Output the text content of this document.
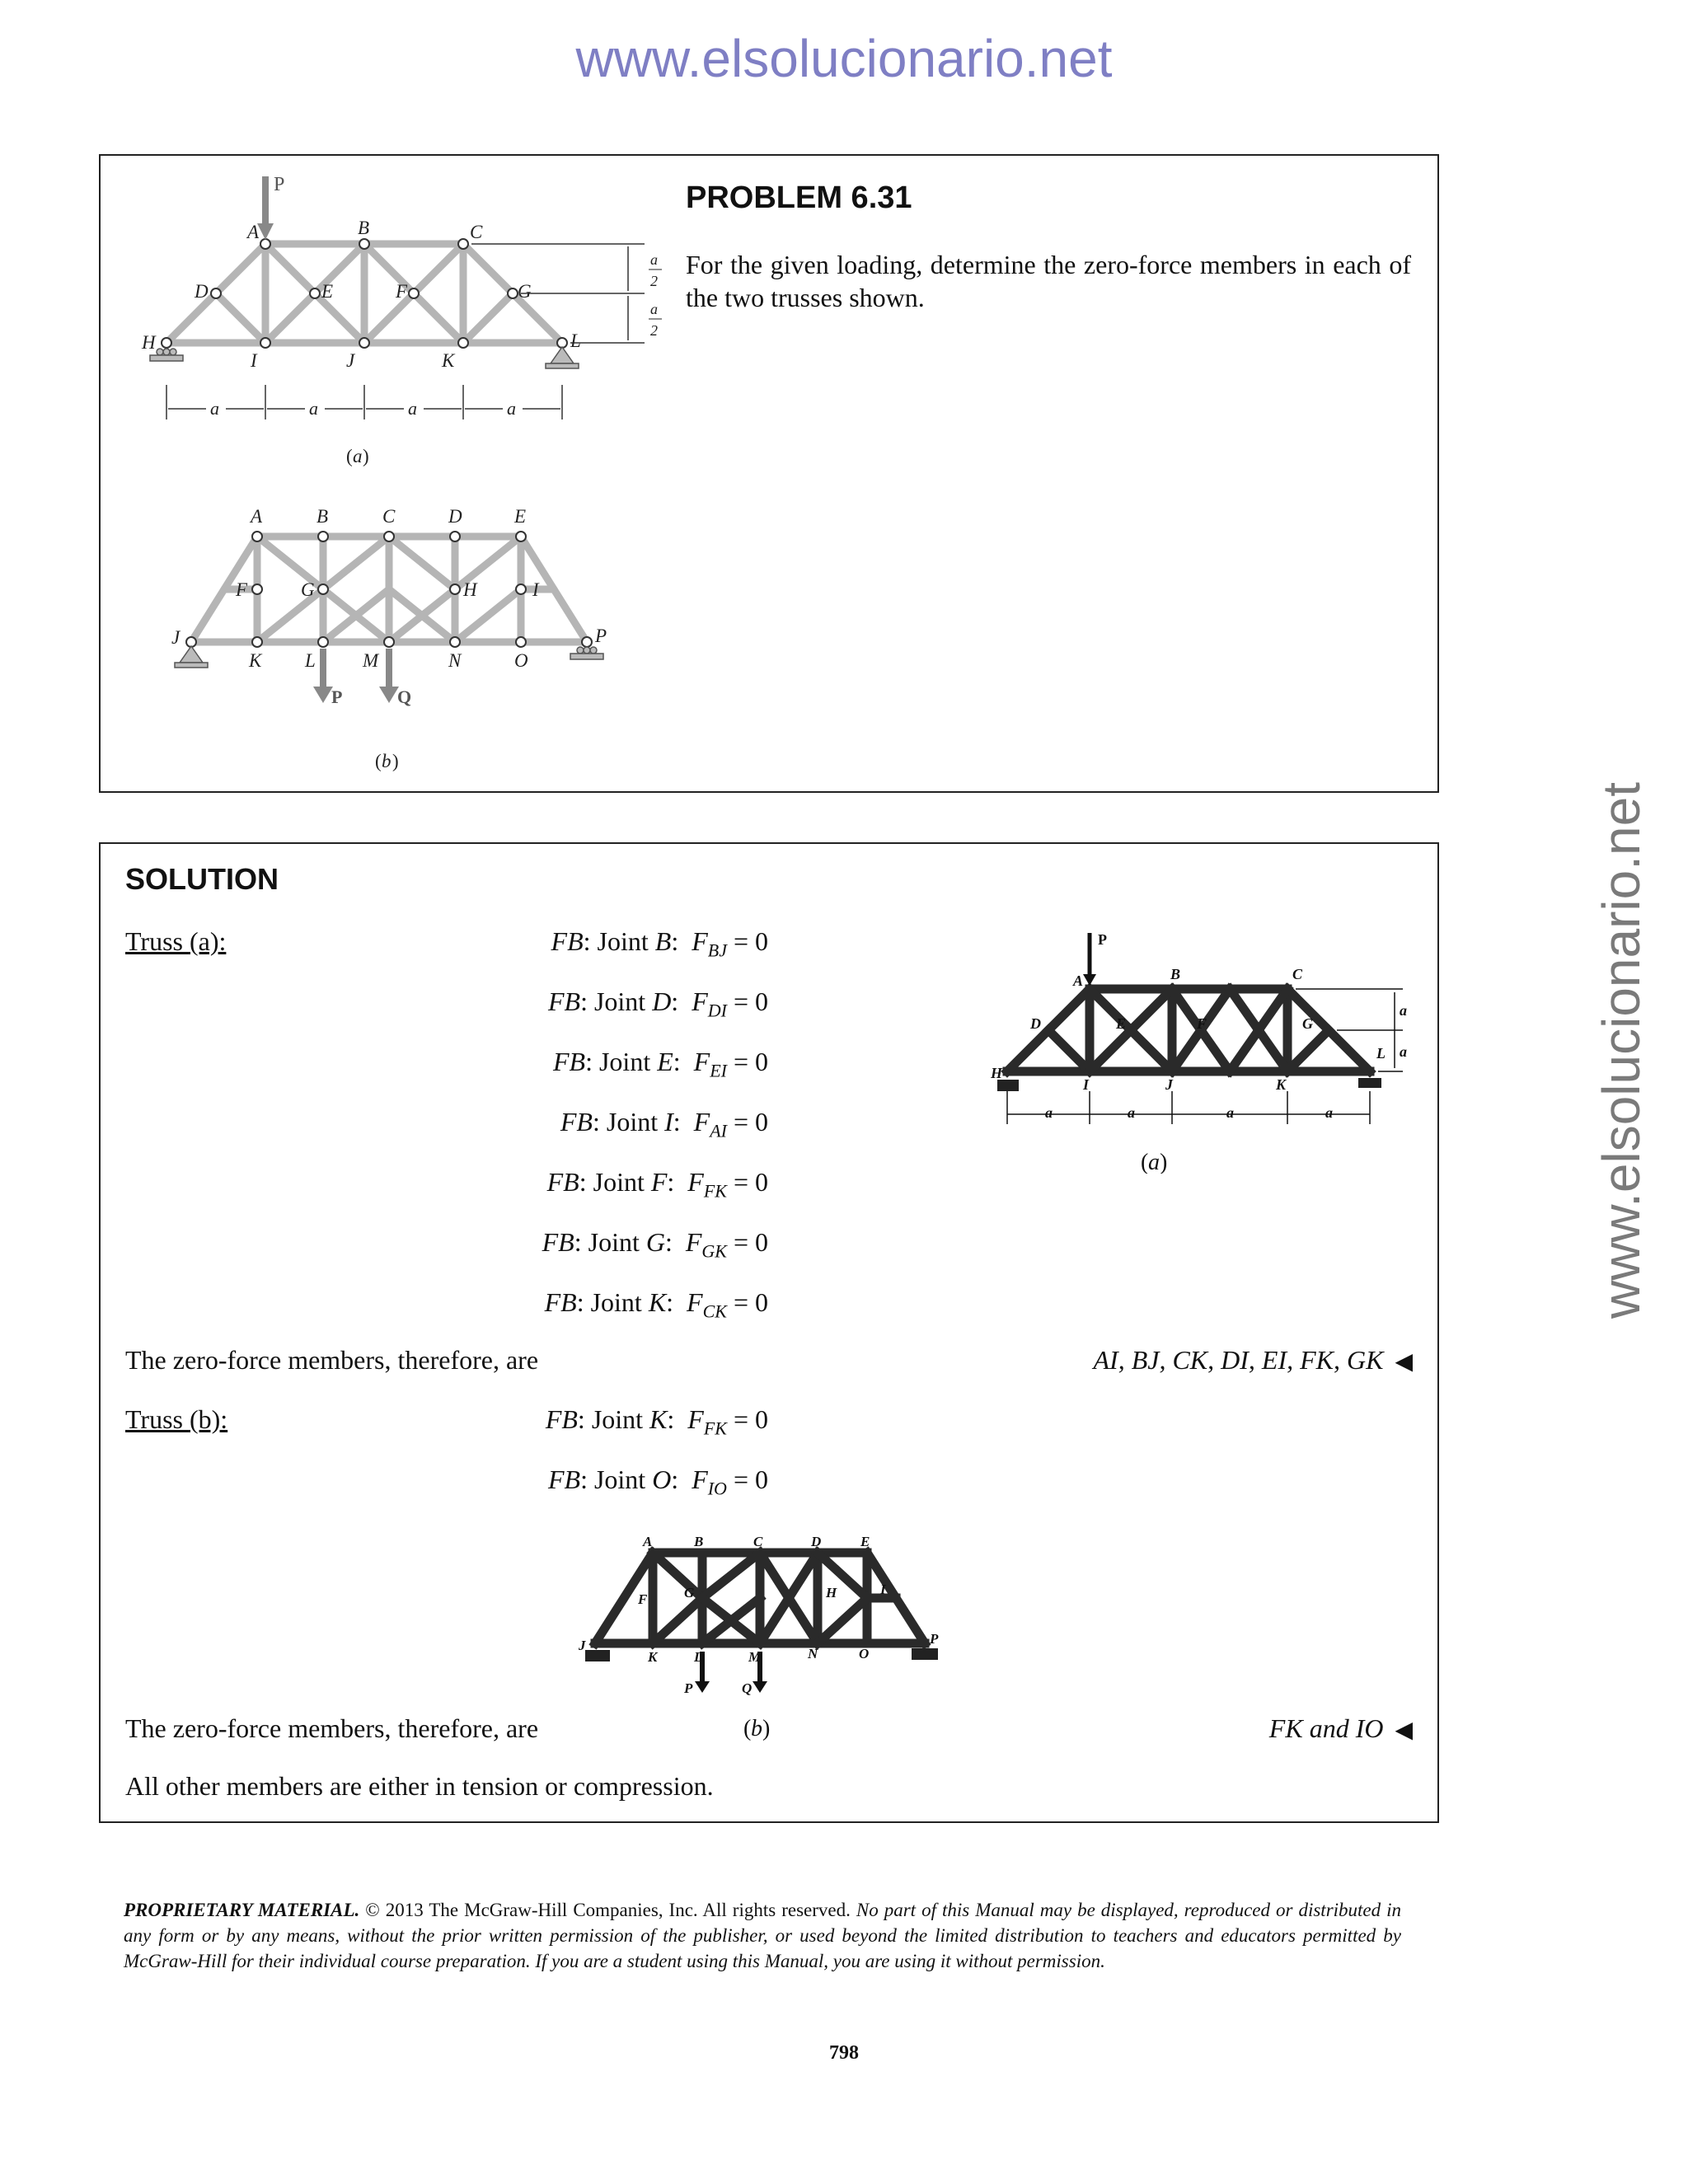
www.elsolucionario.net
www.elsolucionario.net
PROBLEM 6.31
For the given loading, determine the zero-force members in each of the two trusses shown.
P
a
2
a
2
a	a	a	a
A	B	C
D	E	F	G
H
I	J	K
L
( a )
A	B	C	D	E
F	G	H	I
J
K L M	N	O
P
P	Q
( b )
SOLUTION
Truss (a):	FB: Joint B:  $F_{BJ} = 0$
FB: Joint D:  $F_{DI} = 0$
FB: Joint E:  $F_{EI} = 0$
FB: Joint I:  $F_{AI} = 0$
FB: Joint F:  $F_{FK} = 0$
FB: Joint G:  $F_{GK} = 0$
FB: Joint K:  $F_{CK} = 0$
The zero-force members, therefore, are	AI, BJ, CK, DI, EI, FK, GK ◀
Truss (b):	FB: Joint K:  $F_{FK} = 0$
FB: Joint O:  $F_{IO} = 0$
The zero-force members, therefore, are	FK and IO ◀
All other members are either in tension or compression.
P
A	B	C
D	E	F	G
H
I	J	K
L
a
a
a	a	a	a
( a )
A	B	C	D	E
F	G	H	I
J
K	L	M	N	O
P
P	Q
( b )
PROPRIETARY MATERIAL. © 2013 The McGraw-Hill Companies, Inc. All rights reserved. No part of this Manual may be displayed, reproduced or distributed in any form or by any means, without the prior written permission of the publisher, or used beyond the limited distribution to teachers and educators permitted by McGraw-Hill for their individual course preparation. If you are a student using this Manual, you are using it without permission.
798
